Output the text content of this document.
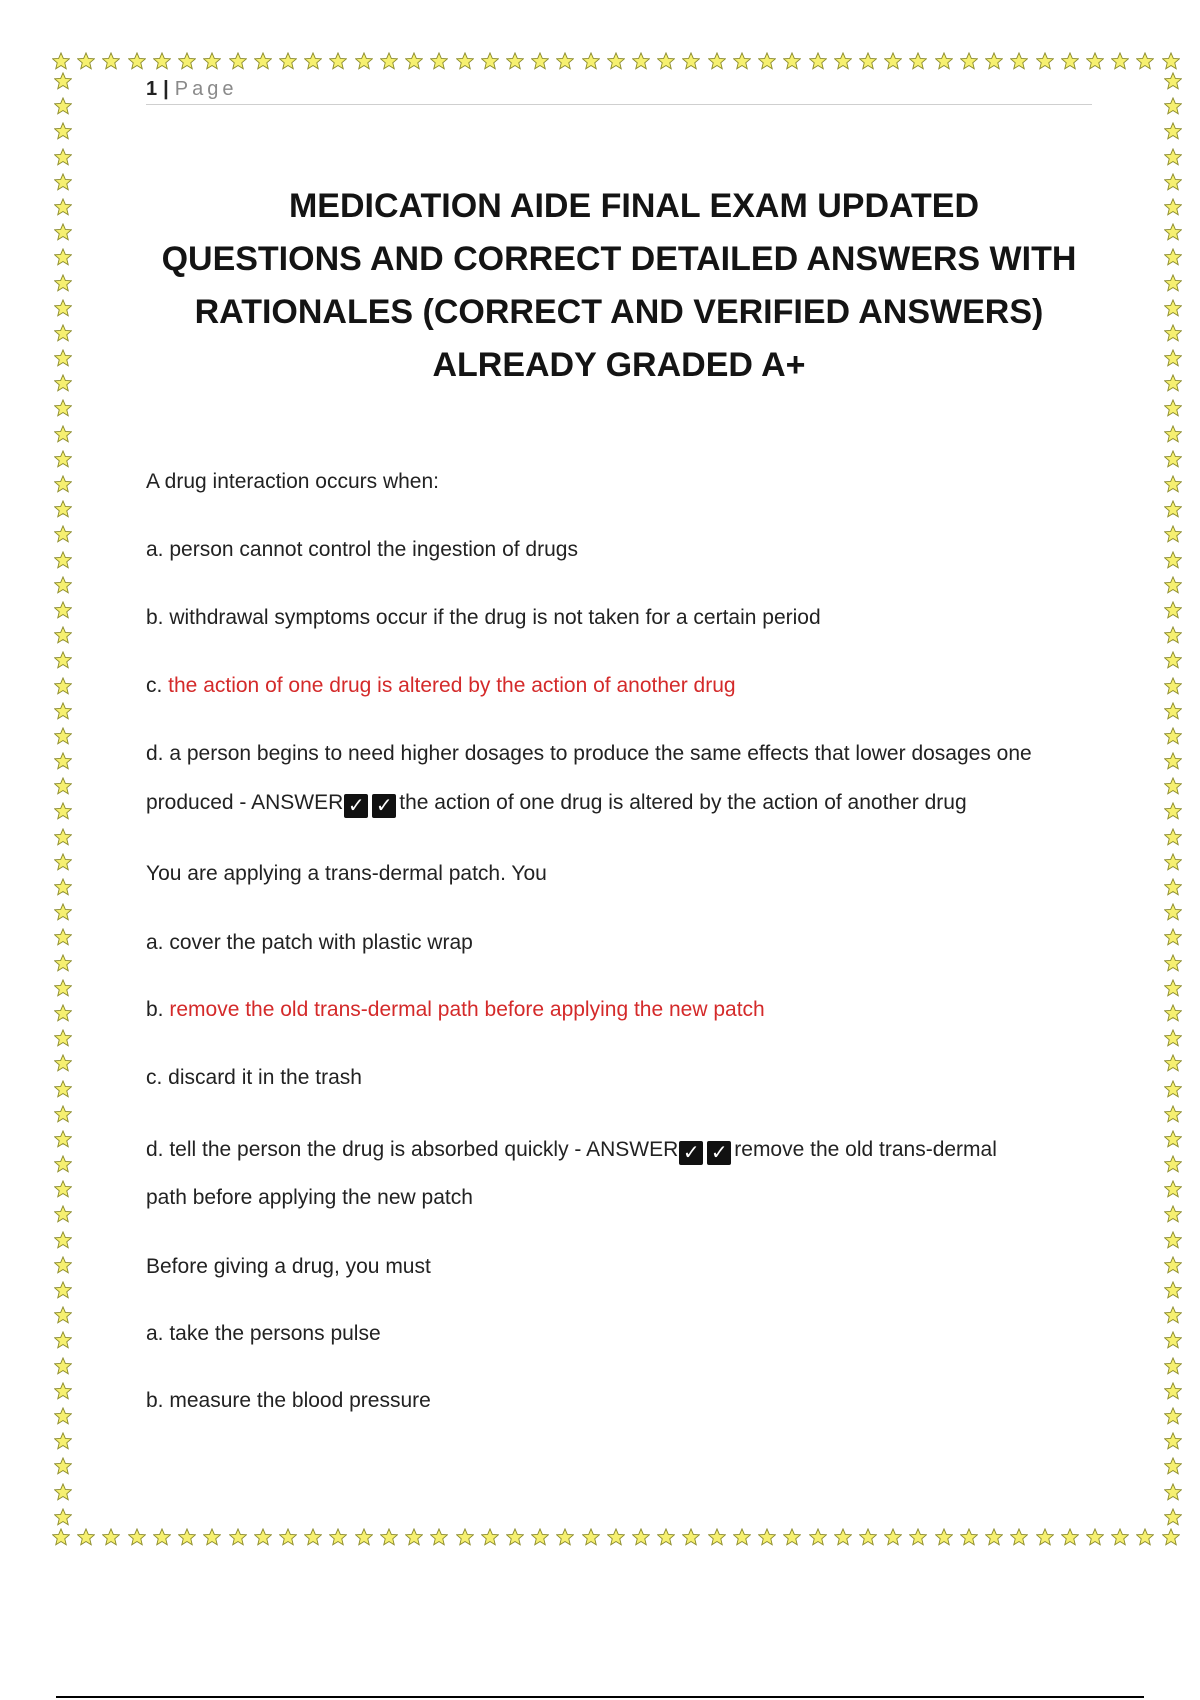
1 | Page
MEDICATION AIDE FINAL EXAM UPDATED
QUESTIONS AND CORRECT DETAILED ANSWERS WITH
RATIONALES (CORRECT AND VERIFIED ANSWERS)
ALREADY GRADED A+
A drug interaction occurs when:
a. person cannot control the ingestion of drugs
b. withdrawal symptoms occur if the drug is not taken for a certain period
c. the action of one drug is altered by the action of another drug
d. a person begins to need higher dosages to produce the same effects that lower dosages one
produced - ANSWER ✓ ✓ the action of one drug is altered by the action of another drug
You are applying a trans-dermal patch. You
a. cover the patch with plastic wrap
b. remove the old trans-dermal path before applying the new patch
c. discard it in the trash
d. tell the person the drug is absorbed quickly - ANSWER ✓ ✓ remove the old trans-dermal
path before applying the new patch
Before giving a drug, you must
a. take the persons pulse
b. measure the blood pressure
